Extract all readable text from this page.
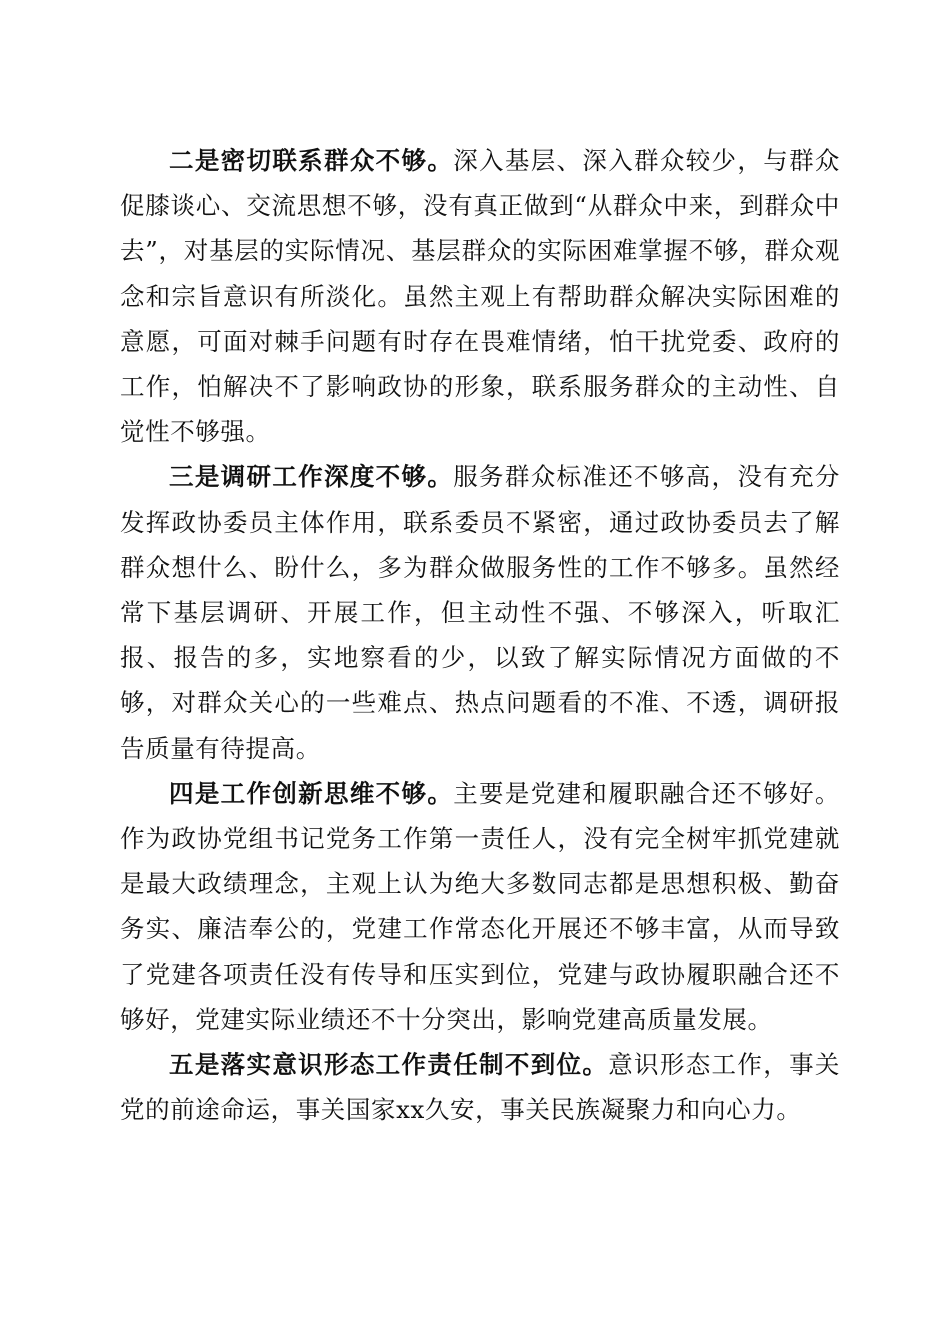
二是密切联系群众不够。深入基层、深入群众较少，与群众促膝谈心、交流思想不够，没有真正做到“从群众中来，到群众中去”，对基层的实际情况、基层群众的实际困难掌握不够，群众观念和宗旨意识有所淡化。虽然主观上有帮助群众解决实际困难的意愿，可面对棘手问题有时存在畏难情绪，怕干扰党委、政府的工作，怕解决不了影响政协的形象，联系服务群众的主动性、自觉性不够强。

三是调研工作深度不够。服务群众标准还不够高，没有充分发挥政协委员主体作用，联系委员不紧密，通过政协委员去了解群众想什么、盼什么，多为群众做服务性的工作不够多。虽然经常下基层调研、开展工作，但主动性不强、不够深入，听取汇报、报告的多，实地察看的少，以致了解实际情况方面做的不够，对群众关心的一些难点、热点问题看的不准、不透，调研报告质量有待提高。

四是工作创新思维不够。主要是党建和履职融合还不够好。作为政协党组书记党务工作第一责任人，没有完全树牢抓党建就是最大政绩理念，主观上认为绝大多数同志都是思想积极、勤奋务实、廉洁奉公的，党建工作常态化开展还不够丰富，从而导致了党建各项责任没有传导和压实到位，党建与政协履职融合还不够好，党建实际业绩还不十分突出，影响党建高质量发展。

五是落实意识形态工作责任制不到位。意识形态工作，事关党的前途命运，事关国家xx久安，事关民族凝聚力和向心力。
